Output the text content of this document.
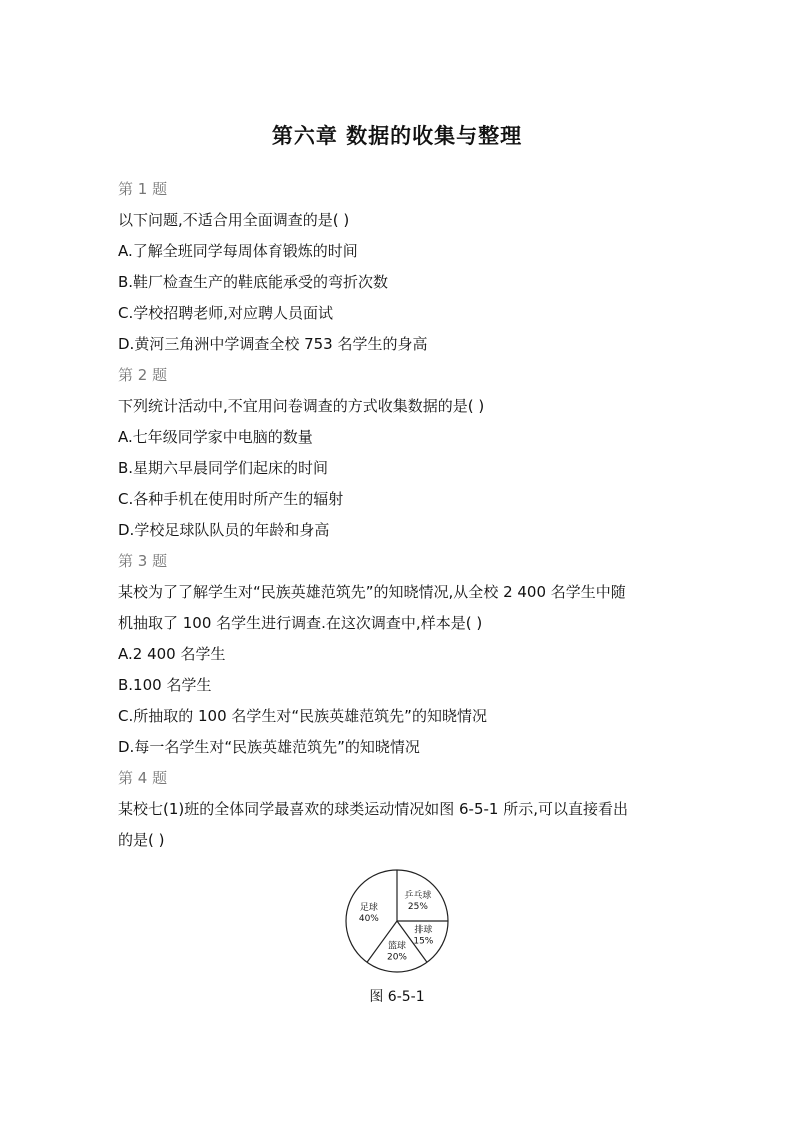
第六章 数据的收集与整理
第 1 题
以下问题,不适合用全面调查的是( )
A.了解全班同学每周体育锻炼的时间
B.鞋厂检查生产的鞋底能承受的弯折次数
C.学校招聘老师,对应聘人员面试
D.黄河三角洲中学调查全校 753 名学生的身高
第 2 题
下列统计活动中,不宜用问卷调查的方式收集数据的是( )
A.七年级同学家中电脑的数量
B.星期六早晨同学们起床的时间
C.各种手机在使用时所产生的辐射
D.学校足球队队员的年龄和身高
第 3 题
某校为了了解学生对“民族英雄范筑先”的知晓情况,从全校 2 400 名学生中随
机抽取了 100 名学生进行调查.在这次调查中,样本是( )
A.2 400 名学生
B.100 名学生
C.所抽取的 100 名学生对“民族英雄范筑先”的知晓情况
D.每一名学生对“民族英雄范筑先”的知晓情况
第 4 题
某校七(1)班的全体同学最喜欢的球类运动情况如图 6-5-1 所示,可以直接看出
的是( )
乒乓球
25%
排球
15%
篮球
20%
足球
40%
图 6-5-1
